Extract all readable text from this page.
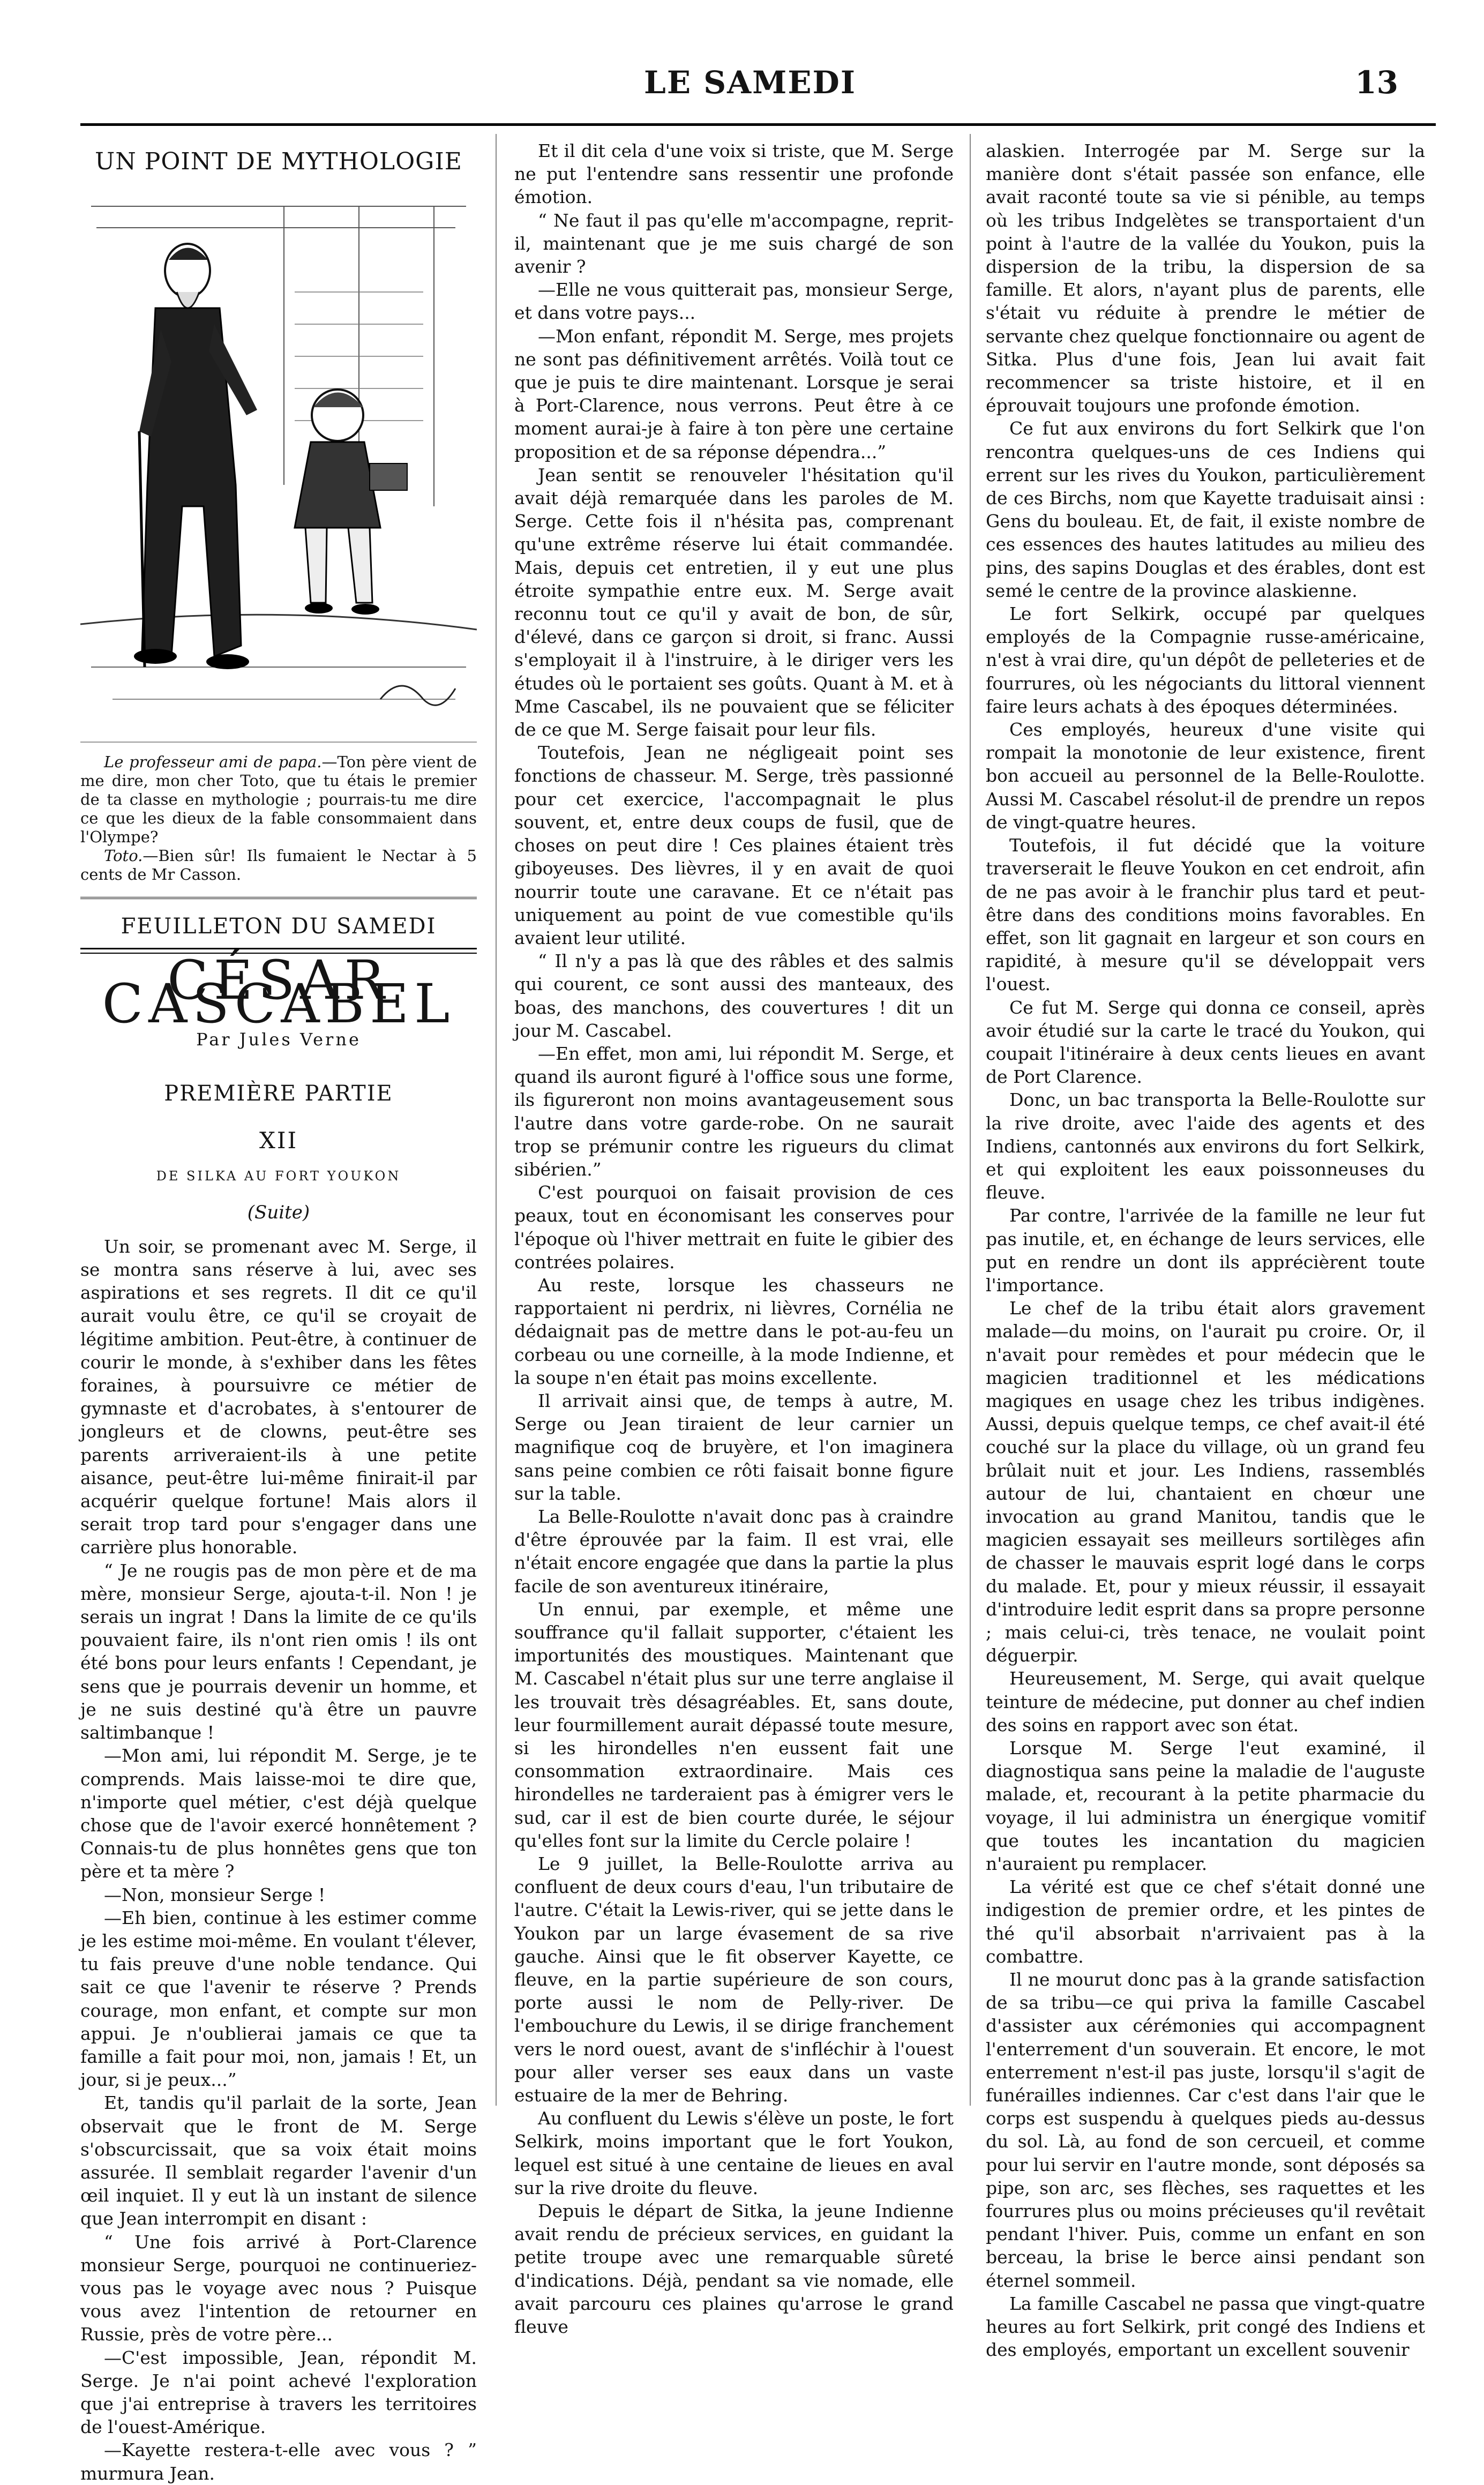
LE SAMEDI	13
UN POINT DE MYTHOLOGIE

Le professeur ami de papa.—Ton père vient de me dire, mon cher Toto, que tu étais le premier de ta classe en mythologie ; pourrais-tu me dire ce que les dieux de la fable consommaient dans l'Olympe?

Toto.—Bien sûr! Ils fumaient le Nectar à 5 cents de Mr Casson.

FEUILLETON DU SAMEDI
CÉSAR CASCABEL
Par Jules Verne
PREMIÈRE PARTIE
XII
DE SILKA AU FORT YOUKON
(Suite)

Un soir, se promenant avec M. Serge, il se montra sans réserve à lui, avec ses aspirations et ses regrets. Il dit ce qu'il aurait voulu être, ce qu'il se croyait de légitime ambition. Peut-être, à continuer de courir le monde, à s'exhiber dans les fêtes foraines, à poursuivre ce métier de gymnaste et d'acrobates, à s'entourer de jongleurs et de clowns, peut-être ses parents arriveraient-ils à une petite aisance, peut-être lui-même finirait-il par acquérir quelque fortune! Mais alors il serait trop tard pour s'engager dans une carrière plus honorable.

“ Je ne rougis pas de mon père et de ma mère, monsieur Serge, ajouta-t-il. Non ! je serais un ingrat ! Dans la limite de ce qu'ils pouvaient faire, ils n'ont rien omis ! ils ont été bons pour leurs enfants ! Cependant, je sens que je pourrais devenir un homme, et je ne suis destiné qu'à être un pauvre saltimbanque !

—Mon ami, lui répondit M. Serge, je te comprends. Mais laisse-moi te dire que, n'importe quel métier, c'est déjà quelque chose que de l'avoir exercé honnêtement ? Connais-tu de plus honnêtes gens que ton père et ta mère ?

—Non, monsieur Serge !

—Eh bien, continue à les estimer comme je les estime moi-même. En voulant t'élever, tu fais preuve d'une noble tendance. Qui sait ce que l'avenir te réserve ? Prends courage, mon enfant, et compte sur mon appui. Je n'oublierai jamais ce que ta famille a fait pour moi, non, jamais ! Et, un jour, si je peux...”

Et, tandis qu'il parlait de la sorte, Jean observait que le front de M. Serge s'obscurcissait, que sa voix était moins assurée. Il semblait regarder l'avenir d'un œil inquiet. Il y eut là un instant de silence que Jean interrompit en disant :

“ Une fois arrivé à Port-Clarence monsieur Serge, pourquoi ne continueriez-vous pas le voyage avec nous ? Puisque vous avez l'intention de retourner en Russie, près de votre père...

—C'est impossible, Jean, répondit M. Serge. Je n'ai point achevé l'exploration que j'ai entreprise à travers les territoires de l'ouest-Amérique.

—Kayette restera-t-elle avec vous ? ” murmura Jean.

Et il dit cela d'une voix si triste, que M. Serge ne put l'entendre sans ressentir une profonde émotion.

“ Ne faut il pas qu'elle m'accompagne, reprit-il, maintenant que je me suis chargé de son avenir ?

—Elle ne vous quitterait pas, monsieur Serge, et dans votre pays...

—Mon enfant, répondit M. Serge, mes projets ne sont pas définitivement arrêtés. Voilà tout ce que je puis te dire maintenant. Lorsque je serai à Port-Clarence, nous verrons. Peut être à ce moment aurai-je à faire à ton père une certaine proposition et de sa réponse dépendra...”

Jean sentit se renouveler l'hésitation qu'il avait déjà remarquée dans les paroles de M. Serge. Cette fois il n'hésita pas, comprenant qu'une extrême réserve lui était commandée. Mais, depuis cet entretien, il y eut une plus étroite sympathie entre eux. M. Serge avait reconnu tout ce qu'il y avait de bon, de sûr, d'élevé, dans ce garçon si droit, si franc. Aussi s'employait il à l'instruire, à le diriger vers les études où le portaient ses goûts. Quant à M. et à Mme Cascabel, ils ne pouvaient que se féliciter de ce que M. Serge faisait pour leur fils.

Toutefois, Jean ne négligeait point ses fonctions de chasseur. M. Serge, très passionné pour cet exercice, l'accompagnait le plus souvent, et, entre deux coups de fusil, que de choses on peut dire ! Ces plaines étaient très giboyeuses. Des lièvres, il y en avait de quoi nourrir toute une caravane. Et ce n'était pas uniquement au point de vue comestible qu'ils avaient leur utilité.

“ Il n'y a pas là que des râbles et des salmis qui courent, ce sont aussi des manteaux, des boas, des manchons, des couvertures ! dit un jour M. Cascabel.

—En effet, mon ami, lui répondit M. Serge, et quand ils auront figuré à l'office sous une forme, ils figureront non moins avantageusement sous l'autre dans votre garde-robe. On ne saurait trop se prémunir contre les rigueurs du climat sibérien.”

C'est pourquoi on faisait provision de ces peaux, tout en économisant les conserves pour l'époque où l'hiver mettrait en fuite le gibier des contrées polaires.

Au reste, lorsque les chasseurs ne rapportaient ni perdrix, ni lièvres, Cornélia ne dédaignait pas de mettre dans le pot-au-feu un corbeau ou une corneille, à la mode Indienne, et la soupe n'en était pas moins excellente.

Il arrivait ainsi que, de temps à autre, M. Serge ou Jean tiraient de leur carnier un magnifique coq de bruyère, et l'on imaginera sans peine combien ce rôti faisait bonne figure sur la table.

La Belle-Roulotte n'avait donc pas à craindre d'être éprouvée par la faim. Il est vrai, elle n'était encore engagée que dans la partie la plus facile de son aventureux itinéraire,

Un ennui, par exemple, et même une souffrance qu'il fallait supporter, c'étaient les importunités des moustiques. Maintenant que M. Cascabel n'était plus sur une terre anglaise il les trouvait très désagréables. Et, sans doute, leur fourmillement aurait dépassé toute mesure, si les hirondelles n'en eussent fait une consommation extraordinaire. Mais ces hirondelles ne tarderaient pas à émigrer vers le sud, car il est de bien courte durée, le séjour qu'elles font sur la limite du Cercle polaire !

Le 9 juillet, la Belle-Roulotte arriva au confluent de deux cours d'eau, l'un tributaire de l'autre. C'était la Lewis-river, qui se jette dans le Youkon par un large évasement de sa rive gauche. Ainsi que le fit observer Kayette, ce fleuve, en la partie supérieure de son cours, porte aussi le nom de Pelly-river. De l'embouchure du Lewis, il se dirige franchement vers le nord ouest, avant de s'infléchir à l'ouest pour aller verser ses eaux dans un vaste estuaire de la mer de Behring.

Au confluent du Lewis s'élève un poste, le fort Selkirk, moins important que le fort Youkon, lequel est situé à une centaine de lieues en aval sur la rive droite du fleuve.

Depuis le départ de Sitka, la jeune Indienne avait rendu de précieux services, en guidant la petite troupe avec une remarquable sûreté d'indications. Déjà, pendant sa vie nomade, elle avait parcouru ces plaines qu'arrose le grand fleuve

alaskien. Interrogée par M. Serge sur la manière dont s'était passée son enfance, elle avait raconté toute sa vie si pénible, au temps où les tribus Indgelètes se transportaient d'un point à l'autre de la vallée du Youkon, puis la dispersion de la tribu, la dispersion de sa famille. Et alors, n'ayant plus de parents, elle s'était vu réduite à prendre le métier de servante chez quelque fonctionnaire ou agent de Sitka. Plus d'une fois, Jean lui avait fait recommencer sa triste histoire, et il en éprouvait toujours une profonde émotion.

Ce fut aux environs du fort Selkirk que l'on rencontra quelques-uns de ces Indiens qui errent sur les rives du Youkon, particulièrement de ces Birchs, nom que Kayette traduisait ainsi : Gens du bouleau. Et, de fait, il existe nombre de ces essences des hautes latitudes au milieu des pins, des sapins Douglas et des érables, dont est semé le centre de la province alaskienne.

Le fort Selkirk, occupé par quelques employés de la Compagnie russe-américaine, n'est à vrai dire, qu'un dépôt de pelleteries et de fourrures, où les négociants du littoral viennent faire leurs achats à des époques déterminées.

Ces employés, heureux d'une visite qui rompait la monotonie de leur existence, firent bon accueil au personnel de la Belle-Roulotte. Aussi M. Cascabel résolut-il de prendre un repos de vingt-quatre heures.

Toutefois, il fut décidé que la voiture traverserait le fleuve Youkon en cet endroit, afin de ne pas avoir à le franchir plus tard et peut-être dans des conditions moins favorables. En effet, son lit gagnait en largeur et son cours en rapidité, à mesure qu'il se développait vers l'ouest.

Ce fut M. Serge qui donna ce conseil, après avoir étudié sur la carte le tracé du Youkon, qui coupait l'itinéraire à deux cents lieues en avant de Port Clarence.

Donc, un bac transporta la Belle-Roulotte sur la rive droite, avec l'aide des agents et des Indiens, cantonnés aux environs du fort Selkirk, et qui exploitent les eaux poissonneuses du fleuve.

Par contre, l'arrivée de la famille ne leur fut pas inutile, et, en échange de leurs services, elle put en rendre un dont ils apprécièrent toute l'importance.

Le chef de la tribu était alors gravement malade—du moins, on l'aurait pu croire. Or, il n'avait pour remèdes et pour médecin que le magicien traditionnel et les médications magiques en usage chez les tribus indigènes. Aussi, depuis quelque temps, ce chef avait-il été couché sur la place du village, où un grand feu brûlait nuit et jour. Les Indiens, rassemblés autour de lui, chantaient en chœur une invocation au grand Manitou, tandis que le magicien essayait ses meilleurs sortilèges afin de chasser le mauvais esprit logé dans le corps du malade. Et, pour y mieux réussir, il essayait d'introduire ledit esprit dans sa propre personne ; mais celui-ci, très tenace, ne voulait point déguerpir.

Heureusement, M. Serge, qui avait quelque teinture de médecine, put donner au chef indien des soins en rapport avec son état.

Lorsque M. Serge l'eut examiné, il diagnostiqua sans peine la maladie de l'auguste malade, et, recourant à la petite pharmacie du voyage, il lui administra un énergique vomitif que toutes les incantation du magicien n'auraient pu remplacer.

La vérité est que ce chef s'était donné une indigestion de premier ordre, et les pintes de thé qu'il absorbait n'arrivaient pas à la combattre.

Il ne mourut donc pas à la grande satisfaction de sa tribu—ce qui priva la famille Cascabel d'assister aux cérémonies qui accompagnent l'enterrement d'un souverain. Et encore, le mot enterrement n'est-il pas juste, lorsqu'il s'agit de funérailles indiennes. Car c'est dans l'air que le corps est suspendu à quelques pieds au-dessus du sol. Là, au fond de son cercueil, et comme pour lui servir en l'autre monde, sont déposés sa pipe, son arc, ses flèches, ses raquettes et les fourrures plus ou moins précieuses qu'il revêtait pendant l'hiver. Puis, comme un enfant en son berceau, la brise le berce ainsi pendant son éternel sommeil.

La famille Cascabel ne passa que vingt-quatre heures au fort Selkirk, prit congé des Indiens et des employés, emportant un excellent souvenir
